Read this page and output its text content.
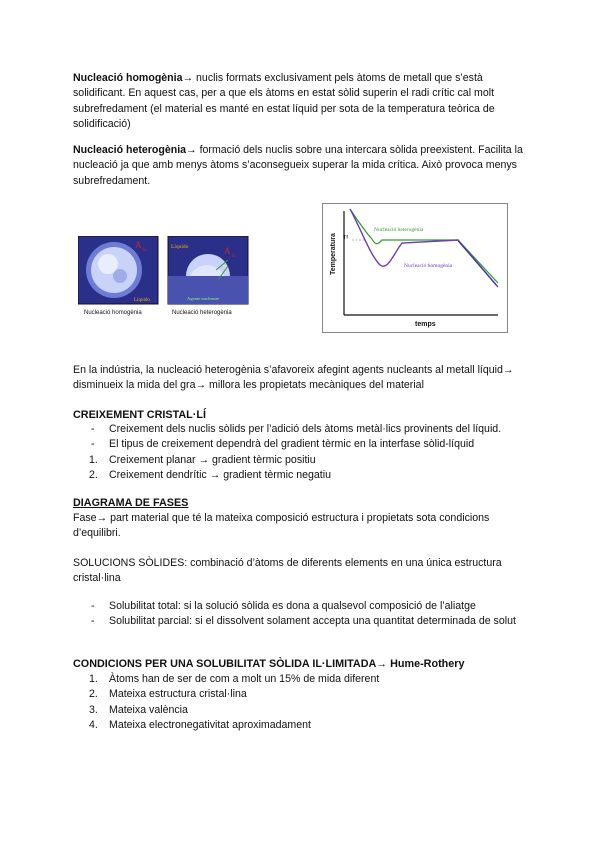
Nucleació homogènia→ nuclis formats exclusivament pels àtoms de metall que s’està solidificant. En aquest cas, per a que els àtoms en estat sòlid superin el radi crític cal molt subrefredament (el material es manté en estat líquid per sota de la temperatura teòrica de solidificació)
Nucleació heterogènia→ formació dels nuclis sobre una intercara sòlida preexistent. Facilita la nucleació ja que amb menys àtoms s’aconsegueix superar la mida crítica. Això provoca menys subrefredament.
A
ls
Líquido
Líquido	A
ls
Agente nucleante
Nucleació homogènia	Nucleació heterogènia
Temperatura
temps
Tf
Nucleació heterogènia
Nucleació homogènia
En la indústria, la nucleació heterogènia s’afavoreix afegint agents nucleants al metall líquid→ disminueix la mida del gra→ millora les propietats mecàniques del material
CREIXEMENT CRISTAL·LÍ
- Creixement dels nuclis sòlids per l’adició dels àtoms metàl·lics provinents del líquid.
- El tipus de creixement dependrà del gradient tèrmic en la interfase sòlid-líquid
1. Creixement planar → gradient tèrmic positiu
2. Creixement dendrític → gradient tèrmic negatiu
DIAGRAMA DE FASES
Fase→ part material que té la mateixa composició estructura i propietats sota condicions d’equilibri.
SOLUCIONS SÒLIDES: combinació d’àtoms de diferents elements en una única estructura cristal·lina
- Solubilitat total: si la solució sòlida es dona a qualsevol composició de l’aliatge
- Solubilitat parcial: si el dissolvent solament accepta una quantitat determinada de solut
CONDICIONS PER UNA SOLUBILITAT SÒLIDA IL·LIMITADA→ Hume-Rothery
1. Àtoms han de ser de com a molt un 15% de mida diferent
2. Mateixa estructura cristal·lina
3. Mateixa valència
4. Mateixa electronegativitat aproximadament
